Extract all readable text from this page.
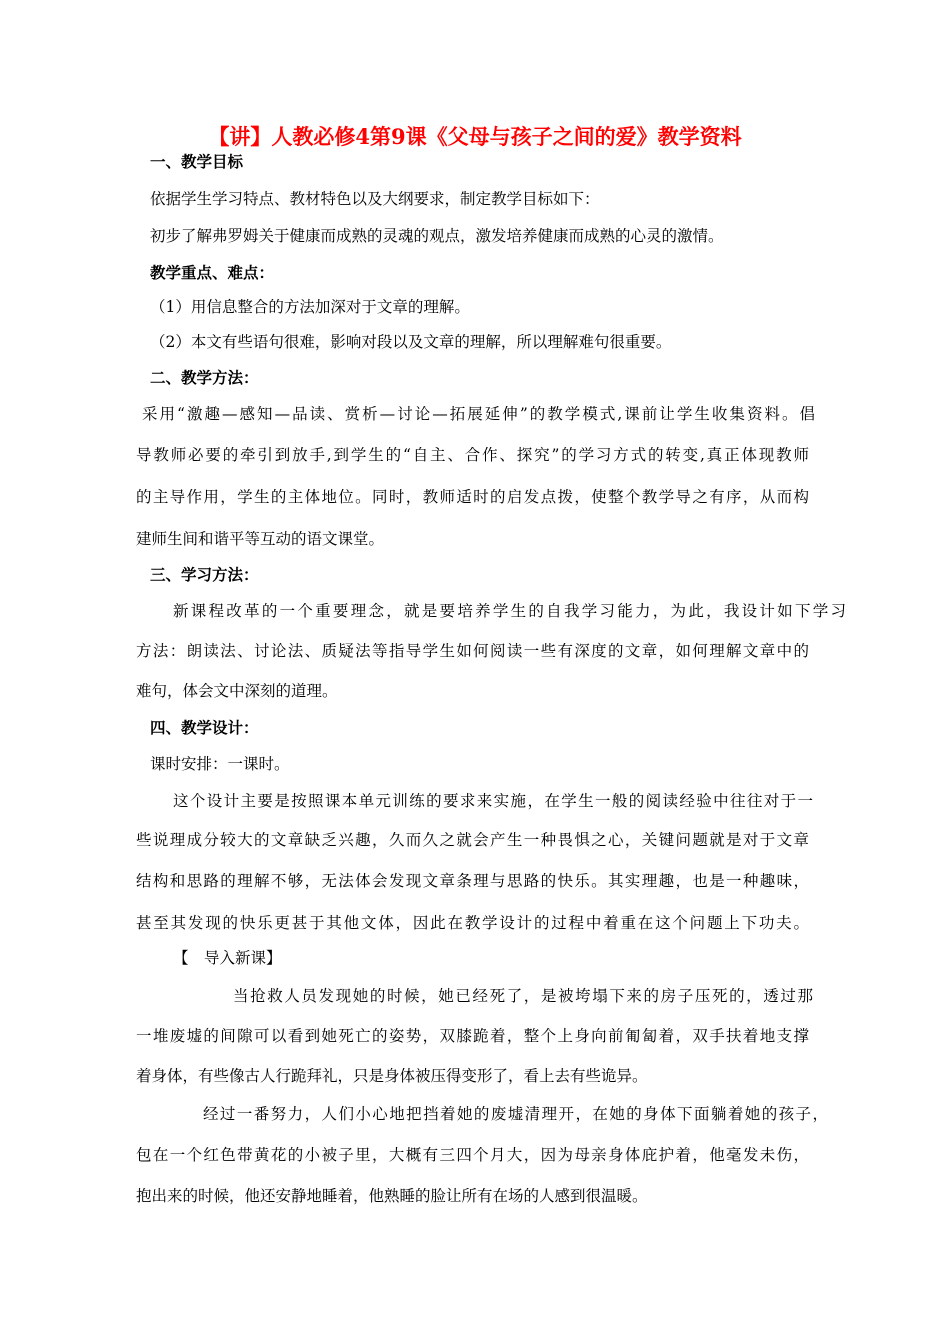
【讲】人教必修4第9课《父母与孩子之间的爱》教学资料
一、教学目标
依据学生学习特点、教材特色以及大纲要求，制定教学目标如下：
初步了解弗罗姆关于健康而成熟的灵魂的观点，激发培养健康而成熟的心灵的激情。
教学重点、难点：
（1）用信息整合的方法加深对于文章的理解。
（2）本文有些语句很难，影响对段以及文章的理解，所以理解难句很重要。
二、教学方法：
采用“激趣—感知—品读、赏析—讨论—拓展延伸”的教学模式,课前让学生收集资料。倡
导教师必要的牵引到放手,到学生的“自主、合作、探究”的学习方式的转变,真正体现教师
的主导作用，学生的主体地位。同时，教师适时的启发点拨，使整个教学导之有序，从而构
建师生间和谐平等互动的语文课堂。
三、学习方法：
新课程改革的一个重要理念，就是要培养学生的自我学习能力，为此，我设计如下学习
方法：朗读法、讨论法、质疑法等指导学生如何阅读一些有深度的文章，如何理解文章中的
难句，体会文中深刻的道理。
四、教学设计：
课时安排：一课时。
这个设计主要是按照课本单元训练的要求来实施，在学生一般的阅读经验中往往对于一
些说理成分较大的文章缺乏兴趣，久而久之就会产生一种畏惧之心，关键问题就是对于文章
结构和思路的理解不够，无法体会发现文章条理与思路的快乐。其实理趣，也是一种趣味，
甚至其发现的快乐更甚于其他文体，因此在教学设计的过程中着重在这个问题上下功夫。
【　导入新课】
当抢救人员发现她的时候，她已经死了，是被垮塌下来的房子压死的，透过那
一堆废墟的间隙可以看到她死亡的姿势，双膝跪着，整个上身向前匍匐着，双手扶着地支撑
着身体，有些像古人行跪拜礼，只是身体被压得变形了，看上去有些诡异。
经过一番努力，人们小心地把挡着她的废墟清理开，在她的身体下面躺着她的孩子，
包在一个红色带黄花的小被子里，大概有三四个月大，因为母亲身体庇护着，他毫发未伤，
抱出来的时候，他还安静地睡着，他熟睡的脸让所有在场的人感到很温暖。
